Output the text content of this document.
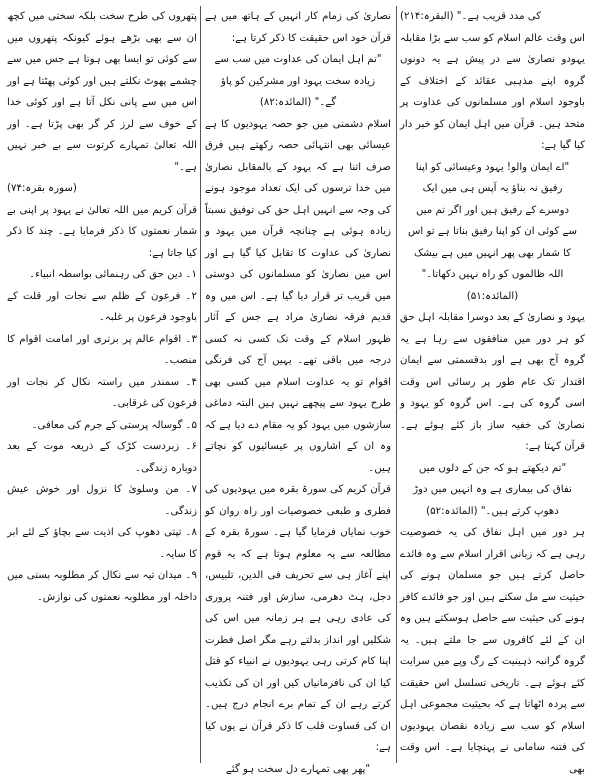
کی مدد قریب ہے۔" (البقرہ:۲۱۴)

اس وقت عالم اسلام کو سب سے بڑا مقابلہ یہودو نصاریٰ سے در پیش ہے یہ دونوں گروہ اپنے مذہبی عقائد کے اختلاف کے باوجود اسلام اور مسلمانوں کی عداوت پر متحد ہیں۔ قرآن میں اہل ایمان کو خبر دار کیا گیا ہے:

"اے ایمان والو! یہود وعیسائی کو اپنا رفیق نہ بناؤ یہ آپس ہی میں ایک دوسرے کے رفیق ہیں اور اگر تم میں سے کوئی ان کو اپنا رفیق بناتا ہے تو اس کا شمار بھی پھر انہیں میں ہے بیشک اللہ ظالموں کو راہ نہیں دکھاتا۔" (المائدہ:۵۱)

یہود و نصاریٰ کے بعد دوسرا مقابلہ اہل حق کو ہر دور میں منافقوں سے رہا ہے یہ گروہ آج بھی ہے اور بدقسمتی سے ایمان اقتدار تک عام طور پر رسائی اس وقت اسی گروہ کی ہے۔ اس گروہ کو یہود و نصاریٰ کی خفیہ ساز باز کئے ہوئے ہے۔ قرآن کہتا ہے:

"تم دیکھتے ہو کہ جن کے دلوں میں نفاق کی بیماری ہے وہ انہیں میں دوڑ دھوپ کرتے ہیں۔" (المائدہ:۵۲)

ہر دور میں اہل نفاق کی یہ خصوصیت رہی ہے کہ زبانی اقرار اسلام سے وہ فائدے حاصل کرتے ہیں جو مسلمان ہونے کی حیثیت سے مل سکتے ہیں اور جو فائدے کافر ہونے کی حیثیت سے حاصل ہوسکتے ہیں وہ ان کے لئے کافروں سے جا ملتے ہیں۔ یہ گروہ گرانبہ ذہینیت کے رگ وپے میں سرایت کئے ہوئے ہے۔ تاریخی تسلسل اس حقیقت سے پردہ اٹھاتا ہے کہ بحیثیت مجموعی اہل اسلام کو سب سے زیادہ نقصان یہودیوں کی فتنہ ساماںی نے پہنچایا ہے۔ اس وقت بھی

نصاریٰ کی زمام کار انہیں کے ہاتھ میں ہے قرآن خود اس حقیقت کا ذکر کرتا ہے:

"تم اہل ایمان کی عداوت میں سب سے زیادہ سخت یہود اور مشرکین کو پاؤ گے۔" (المائدہ:۸۲)

اسلام دشمنی میں جو حصہ یہودیوں کا ہے عیسائی بھی انتہائی حصہ رکھتے ہیں فرق صرف اتنا ہے کہ یہود کے بالمقابل نصاریٰ میں خدا ترسوں کی ایک تعداد موجود ہونے کی وجہ سے انہیں اہل حق کی توفیق نسبتاً زیادہ ہوئی ہے چنانچہ قرآن میں یہود و نصاریٰ کی عداوت کا تقابل کیا گیا ہے اور اس میں نصاریٰ کو مسلمانوں کی دوستی میں قریب تر قرار دیا گیا ہے۔ اس میں وہ قدیم فرقہ نصاریٰ مراد ہے جس کے آثار ظہور اسلام کے وقت تک کسی نہ کسی درجہ میں باقی تھے۔ یہیں آج کی فرنگی اقوام تو یہ عداوت اسلام میں کسی بھی طرح یہود سے پیچھے نہیں ہیں البتہ دماغی سازشوں میں یہود کو یہ مقام دے دیا ہے کہ وہ ان کے اشاروں پر عیسائیوں کو نچاتے ہیں۔

قرآن کریم کی سورۃ بقرہ میں یہودیوں کی فطری و طبعی خصوصیات اور راہ روان کو خوب نمایاں فرمایا گیا ہے۔ سورۃ بقرہ کے مطالعہ سے یہ معلوم ہوتا ہے کہ یہ قوم اپنے آغاز ہی سے تحریف فی الدین، تلبیس، دجل، ہٹ دھرمی، سازش اور فتنہ پروری کی عادی رہی ہے ہر زمانہ میں اس کی شکلیں اور انداز بدلتے رہے مگر اصل فطرت اپنا کام کرتی رہی یہودیوں نے انبیاء کو قتل کیا ان کی نافرمانیاں کیں اور ان کی تکذیب کرتے رہے ان کے تمام برے انجام درج ہیں۔ ان کی قساوت قلب کا ذکر قرآن نے یوں کیا ہے:

"پھر بھی تمہارے دل سخت ہو گئے

پتھروں کی طرح سخت بلکہ سختی میں کچھ ان سے بھی بڑھے ہوئے کیونکہ پتھروں میں سے کوئی تو ایسا بھی ہوتا ہے جس میں سے چشمے پھوٹ نکلتے ہیں اور کوئی پھٹتا ہے اور اس میں سے پانی نکل آتا ہے اور کوئی خدا کے خوف سے لرز کر گر بھی پڑتا ہے۔ اور اللہ تعالیٰ تمہارے کرتوت سے بے خبر نہیں ہے۔"

(سورہ بقرہ:۷۴)

قرآن کریم میں اللہ تعالیٰ نے یہود پر اپنی بے شمار نعمتوں کا ذکر فرمایا ہے۔ چند کا ذکر کیا جاتا ہے:

۱۔ دین حق کی رہنمائی بواسطہ انبیاء۔

۲۔ فرعون کے ظلم سے نجات اور قلت کے باوجود فرعون پر غلبہ۔

۳۔ اقوام عالم پر برتری اور امامت اقوام کا منصب۔

۴۔ سمندر میں راستہ نکال کر نجات اور فرعون کی غرقابی۔

۵۔ گوسالہ پرستی کے جرم کی معافی۔

۶۔ زبردست کڑک کے ذریعہ موت کے بعد دوبارہ زندگی۔

۷۔ من وسلویٰ کا نزول اور خوش عیش زندگی۔

۸۔ تپتی دھوپ کی اذیت سے بچاؤ کے لئے ابر کا سایہ۔

۹۔ میدان تیہ سے نکال کر مطلوبہ بستی میں داخلہ اور مطلوبہ نعمتوں کی نوازش۔
